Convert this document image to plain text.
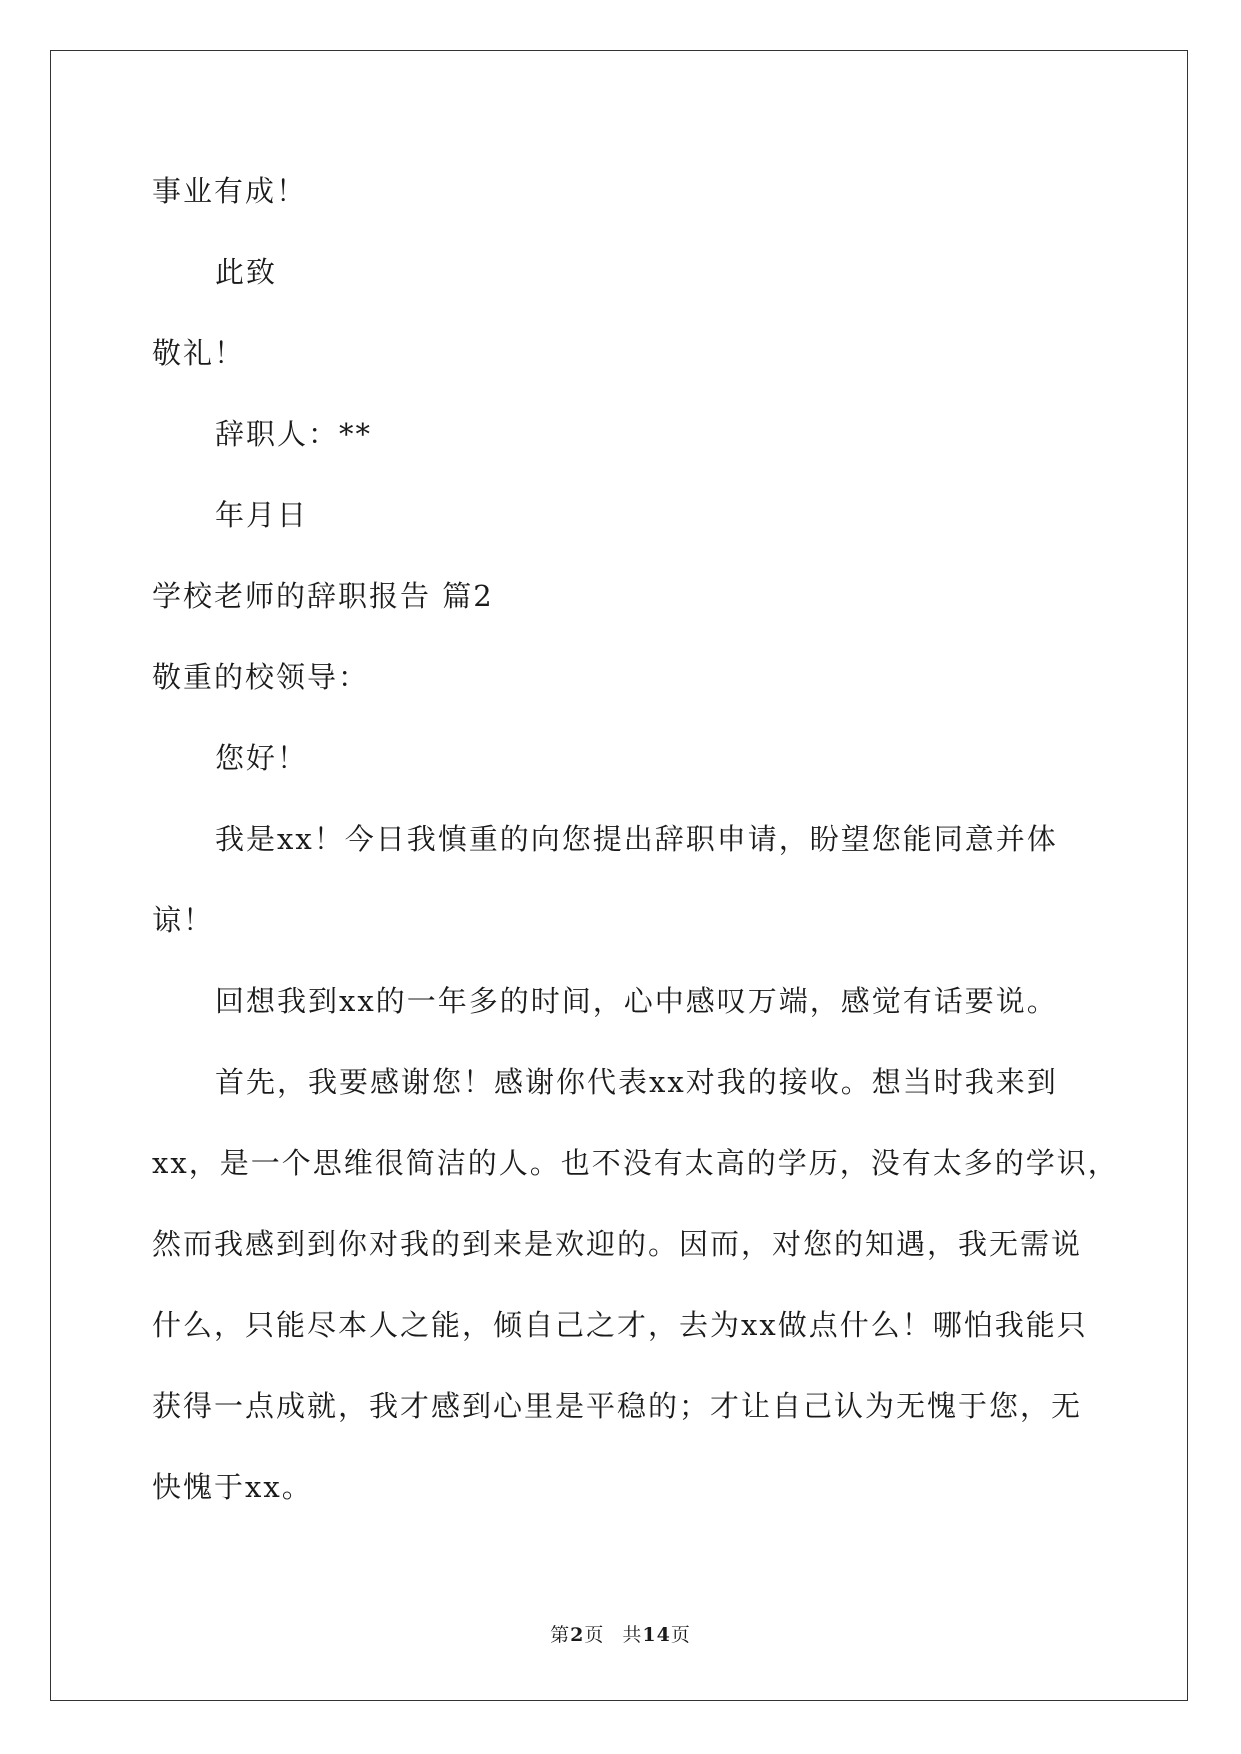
事业有成！
此致
敬礼！
辞职人：**
年月日
学校老师的辞职报告 篇2
敬重的校领导：
您好！
我是xx！今日我慎重的向您提出辞职申请，盼望您能同意并体
谅！
回想我到xx的一年多的时间，心中感叹万端，感觉有话要说。
首先，我要感谢您！感谢你代表xx对我的接收。想当时我来到
xx，是一个思维很简洁的人。也不没有太高的学历，没有太多的学识，
然而我感到到你对我的到来是欢迎的。因而，对您的知遇，我无需说
什么，只能尽本人之能，倾自己之才，去为xx做点什么！哪怕我能只
获得一点成就，我才感到心里是平稳的；才让自己认为无愧于您，无
快愧于xx。
第2页 共14页
